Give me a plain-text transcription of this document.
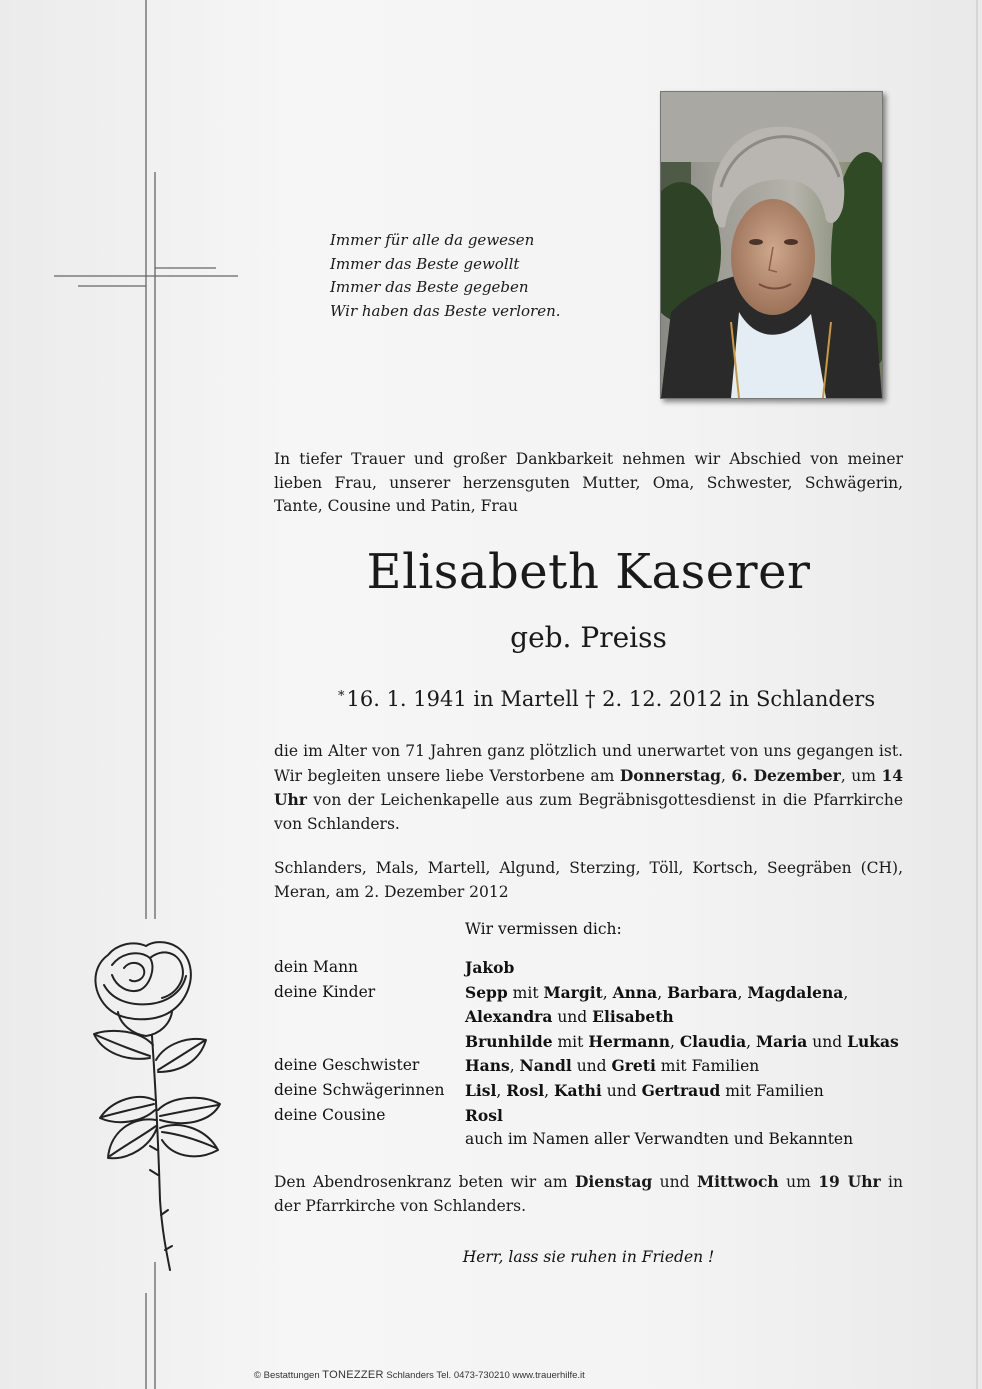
Immer für alle da gewesen
Immer das Beste gewollt
Immer das Beste gegeben
Wir haben das Beste verloren.
In tiefer Trauer und großer Dankbarkeit nehmen wir Abschied von meiner lieben Frau, unserer herzensguten Mutter, Oma, Schwester, Schwägerin, Tante, Cousine und Patin, Frau
Elisabeth Kaserer
geb. Preiss
*16. 1. 1941 in Martell † 2. 12. 2012 in Schlanders
die im Alter von 71 Jahren ganz plötzlich und unerwartet von uns gegangen ist. Wir begleiten unsere liebe Verstorbene am Donnerstag, 6. Dezember, um 14 Uhr von der Leichenkapelle aus zum Begräbnisgottesdienst in die Pfarrkirche von Schlanders.
Schlanders, Mals, Martell, Algund, Sterzing, Töll, Kortsch, Seegräben (CH), Meran, am 2. Dezember 2012
Wir vermissen dich:
dein Mann	Jakob
deine Kinder	Sepp mit Margit, Anna, Barbara, Magdalena,
Alexandra und Elisabeth
Brunhilde mit Hermann, Claudia, Maria und Lukas
deine Geschwister	Hans, Nandl und Greti mit Familien
deine Schwägerinnen	Lisl, Rosl, Kathi und Gertraud mit Familien
deine Cousine	Rosl
auch im Namen aller Verwandten und Bekannten
Den Abendrosenkranz beten wir am Dienstag und Mittwoch um 19 Uhr in der Pfarrkirche von Schlanders.
Herr, lass sie ruhen in Frieden !
© Bestattungen TONEZZER Schlanders Tel. 0473-730210 www.trauerhilfe.it
